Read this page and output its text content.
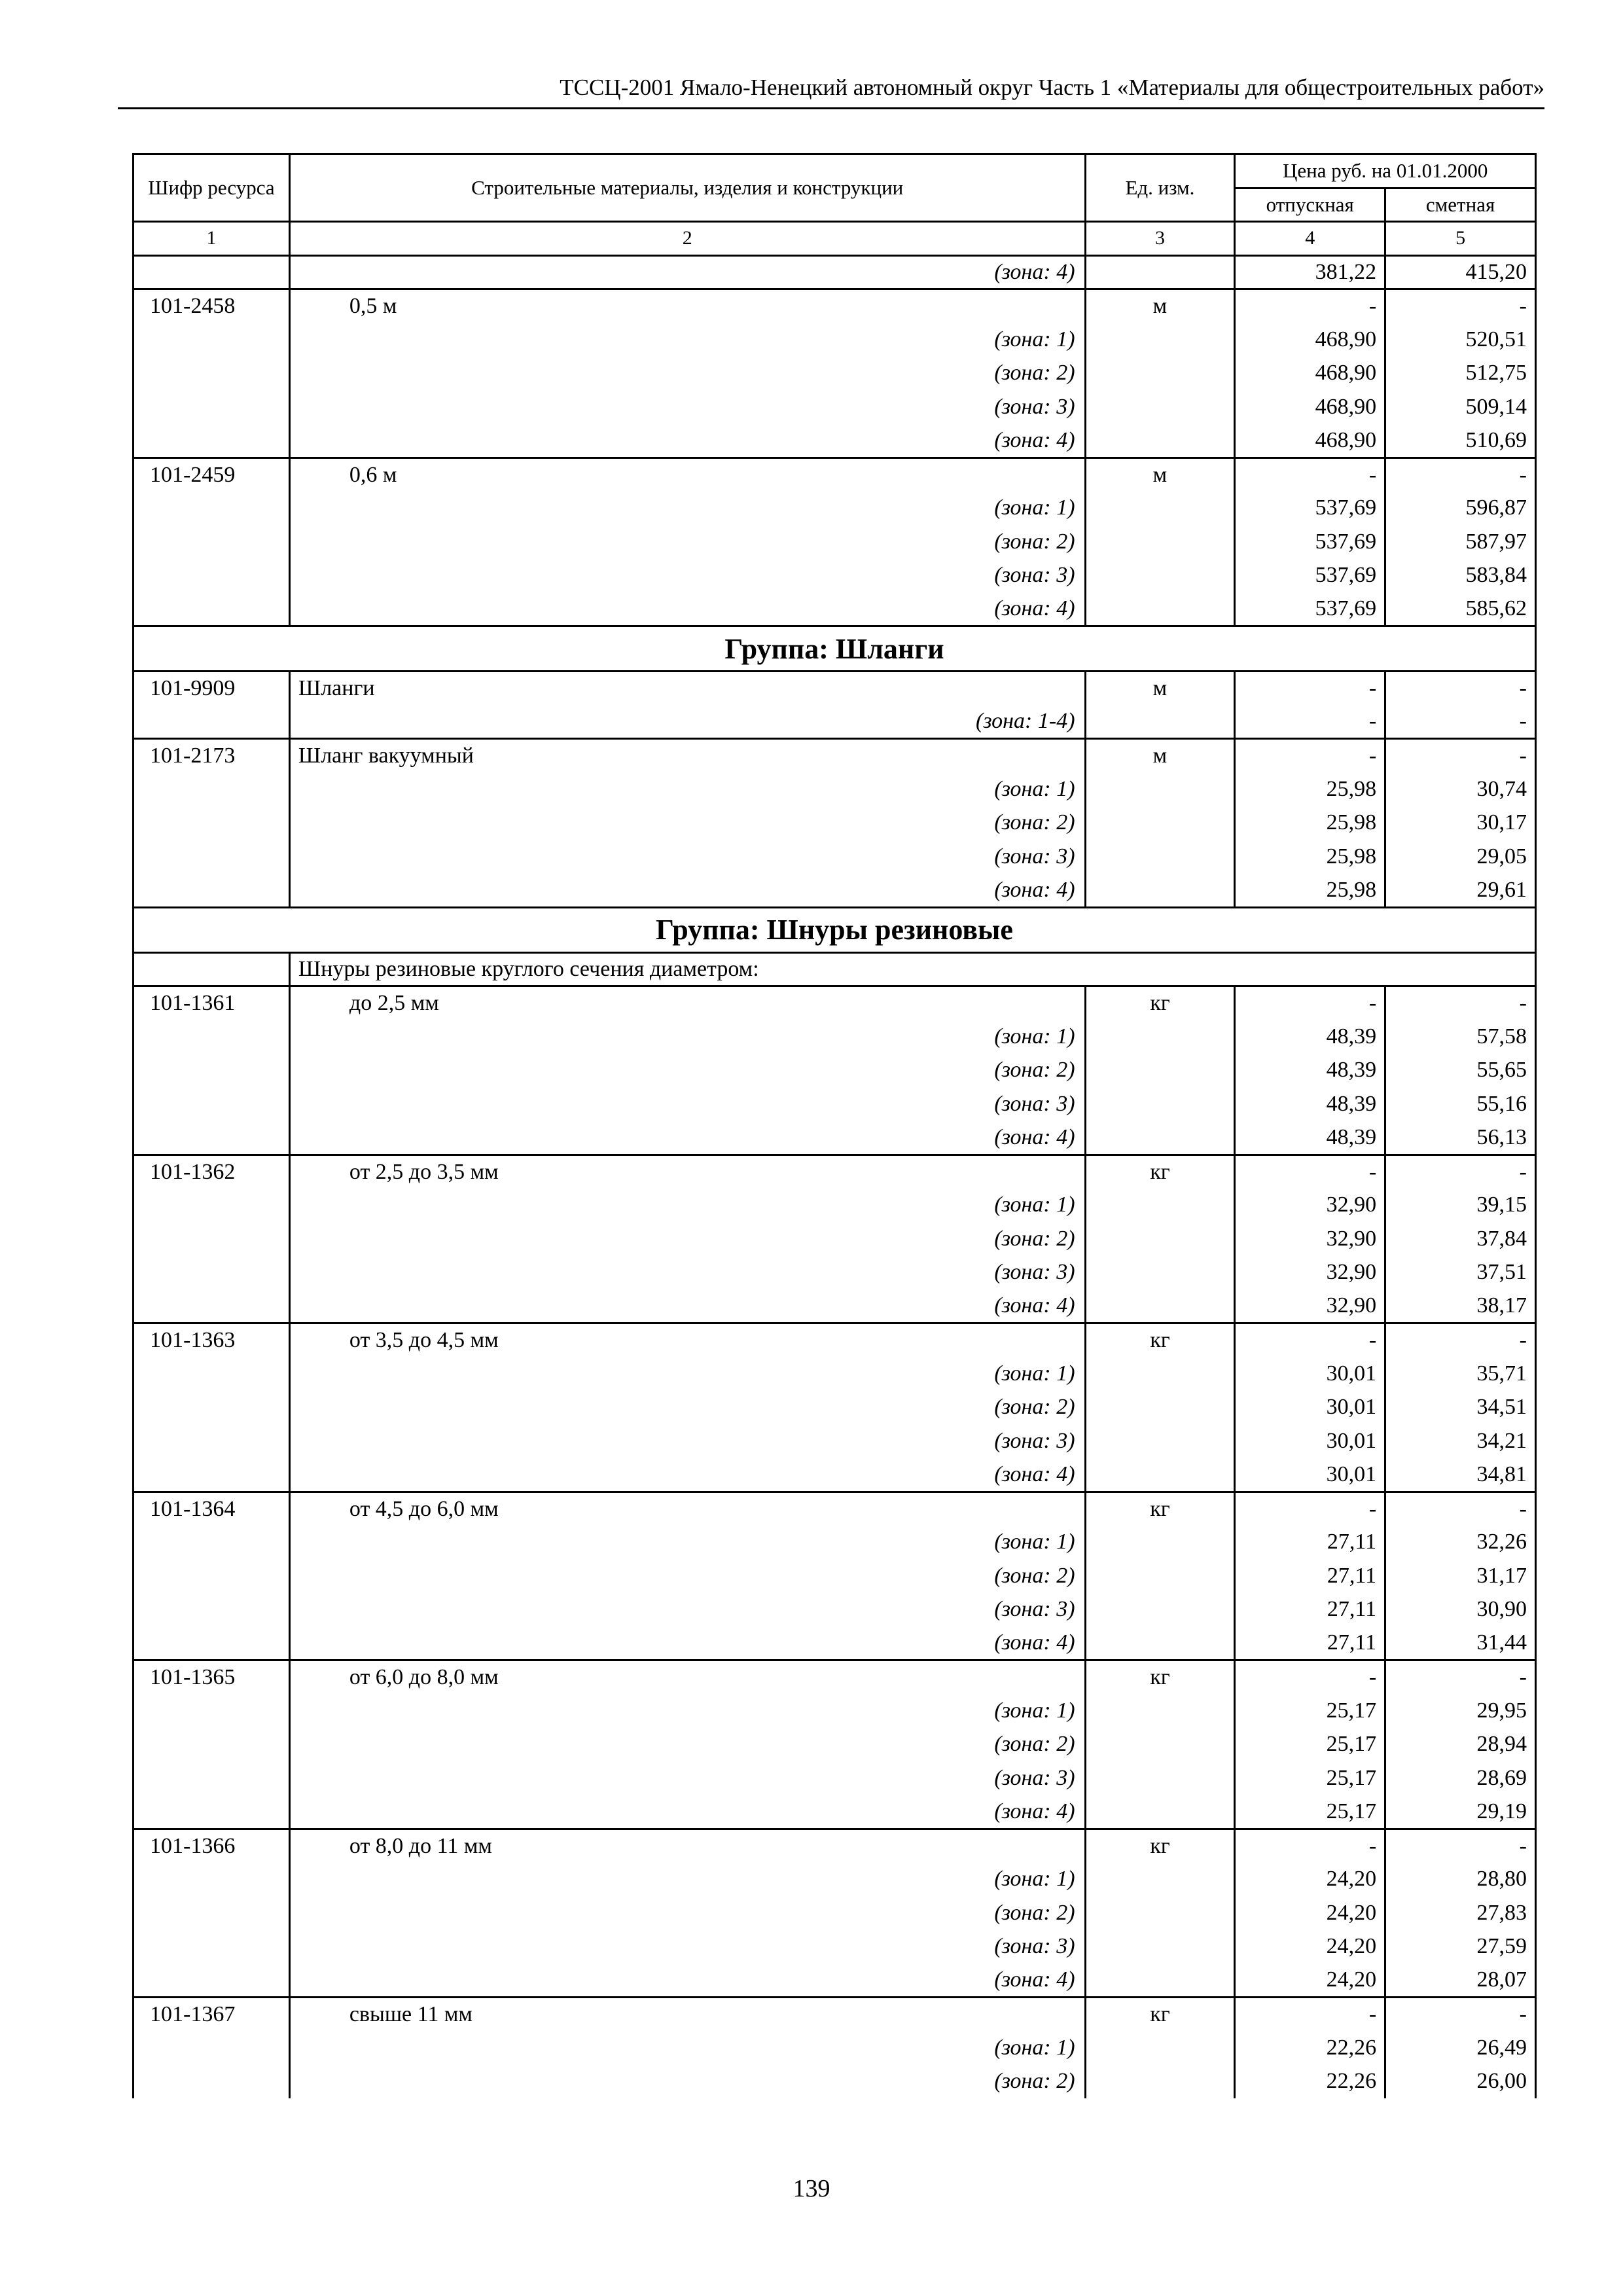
ТССЦ-2001 Ямало-Ненецкий автономный округ Часть 1 «Материалы для общестроительных работ»
Шифр ресурса	Строительные материалы, изделия и конструкции	Ед. изм.	Цена руб. на 01.01.2000	
			отпускная	сметная
1	2	3	4	5
	(зона: 4)		381,22	415,20
101-2458	0,5 м	м	-	-
	(зона: 1)		468,90	520,51
	(зона: 2)		468,90	512,75
	(зона: 3)		468,90	509,14
	(зона: 4)		468,90	510,69
101-2459	0,6 м	м	-	-
	(зона: 1)		537,69	596,87
	(зона: 2)		537,69	587,97
	(зона: 3)		537,69	583,84
	(зона: 4)		537,69	585,62
Группа: Шланги				
101-9909	Шланги	м	-	-
	(зона: 1-4)		-	-
101-2173	Шланг вакуумный	м	-	-
	(зона: 1)		25,98	30,74
	(зона: 2)		25,98	30,17
	(зона: 3)		25,98	29,05
	(зона: 4)		25,98	29,61
Группа: Шнуры резиновые				
	Шнуры резиновые круглого сечения диаметром:			
101-1361	до 2,5 мм	кг	-	-
	(зона: 1)		48,39	57,58
	(зона: 2)		48,39	55,65
	(зона: 3)		48,39	55,16
	(зона: 4)		48,39	56,13
101-1362	от 2,5 до 3,5 мм	кг	-	-
	(зона: 1)		32,90	39,15
	(зона: 2)		32,90	37,84
	(зона: 3)		32,90	37,51
	(зона: 4)		32,90	38,17
101-1363	от 3,5 до 4,5 мм	кг	-	-
	(зона: 1)		30,01	35,71
	(зона: 2)		30,01	34,51
	(зона: 3)		30,01	34,21
	(зона: 4)		30,01	34,81
101-1364	от 4,5 до 6,0 мм	кг	-	-
	(зона: 1)		27,11	32,26
	(зона: 2)		27,11	31,17
	(зона: 3)		27,11	30,90
	(зона: 4)		27,11	31,44
101-1365	от 6,0 до 8,0 мм	кг	-	-
	(зона: 1)		25,17	29,95
	(зона: 2)		25,17	28,94
	(зона: 3)		25,17	28,69
	(зона: 4)		25,17	29,19
101-1366	от 8,0 до 11 мм	кг	-	-
	(зона: 1)		24,20	28,80
	(зона: 2)		24,20	27,83
	(зона: 3)		24,20	27,59
	(зона: 4)		24,20	28,07
101-1367	свыше 11 мм	кг	-	-
	(зона: 1)		22,26	26,49
	(зона: 2)		22,26	26,00
139
